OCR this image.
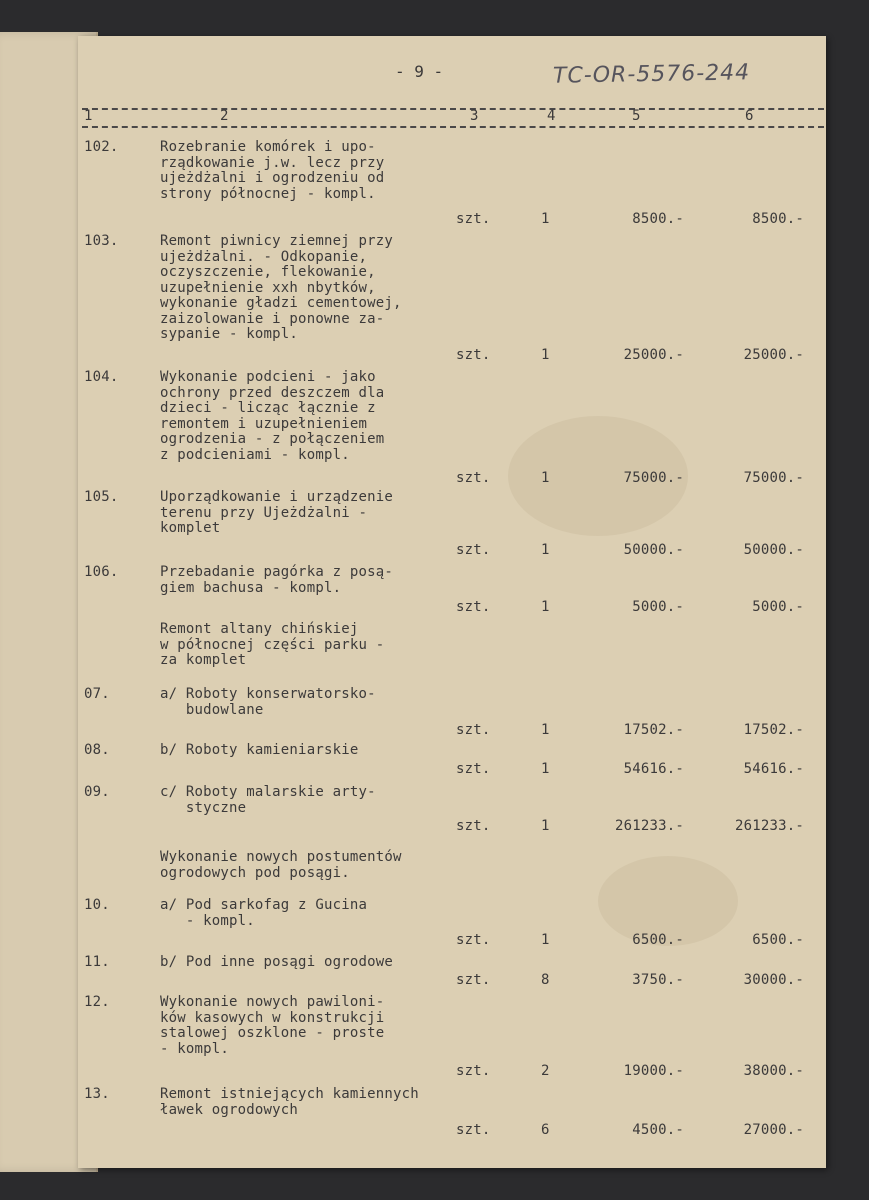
- 9 -	TC-OR-5576-244
1	2	3	4	5	6
102.	Rozebranie komórek i upo-
rządkowanie j.w. lecz przy
ujeżdżalni i ogrodzeniu od
strony północnej - kompl.
szt.	1	8500.-	8500.-
103.	Remont piwnicy ziemnej przy
ujeżdżalni. - Odkopanie,
oczyszczenie, flekowanie,
uzupełnienie xxh nbytków,
wykonanie gładzi cementowej,
zaizolowanie i ponowne za-
sypanie - kompl.
szt.	1	25000.-	25000.-
104.	Wykonanie podcieni - jako
ochrony przed deszczem dla
dzieci - licząc łącznie z
remontem i uzupełnieniem
ogrodzenia - z połączeniem
z podcieniami - kompl.
szt.	1	75000.-	75000.-
105.	Uporządkowanie i urządzenie
terenu przy Ujeżdżalni -
komplet
szt.	1	50000.-	50000.-
106.	Przebadanie pagórka z posą-
giem bachusa - kompl.
szt.	1	5000.-	5000.-
Remont altany chińskiej
w północnej części parku -
za komplet
07.	a/ Roboty konserwatorsko-
budowlane
szt.	1	17502.-	17502.-
08.	b/ Roboty kamieniarskie
szt.	1	54616.-	54616.-
09.	c/ Roboty malarskie arty-
styczne
szt.	1	261233.-	261233.-
Wykonanie nowych postumentów
ogrodowych pod posągi.
10.	a/ Pod sarkofag z Gucina
- kompl.
szt.	1	6500.-	6500.-
11.	b/ Pod inne posągi ogrodowe
szt.	8	3750.-	30000.-
12.	Wykonanie nowych pawiloni-
ków kasowych w konstrukcji
stalowej oszklone - proste
- kompl.
szt.	2	19000.-	38000.-
13.	Remont istniejących kamiennych
ławek ogrodowych
szt.	6	4500.-	27000.-
